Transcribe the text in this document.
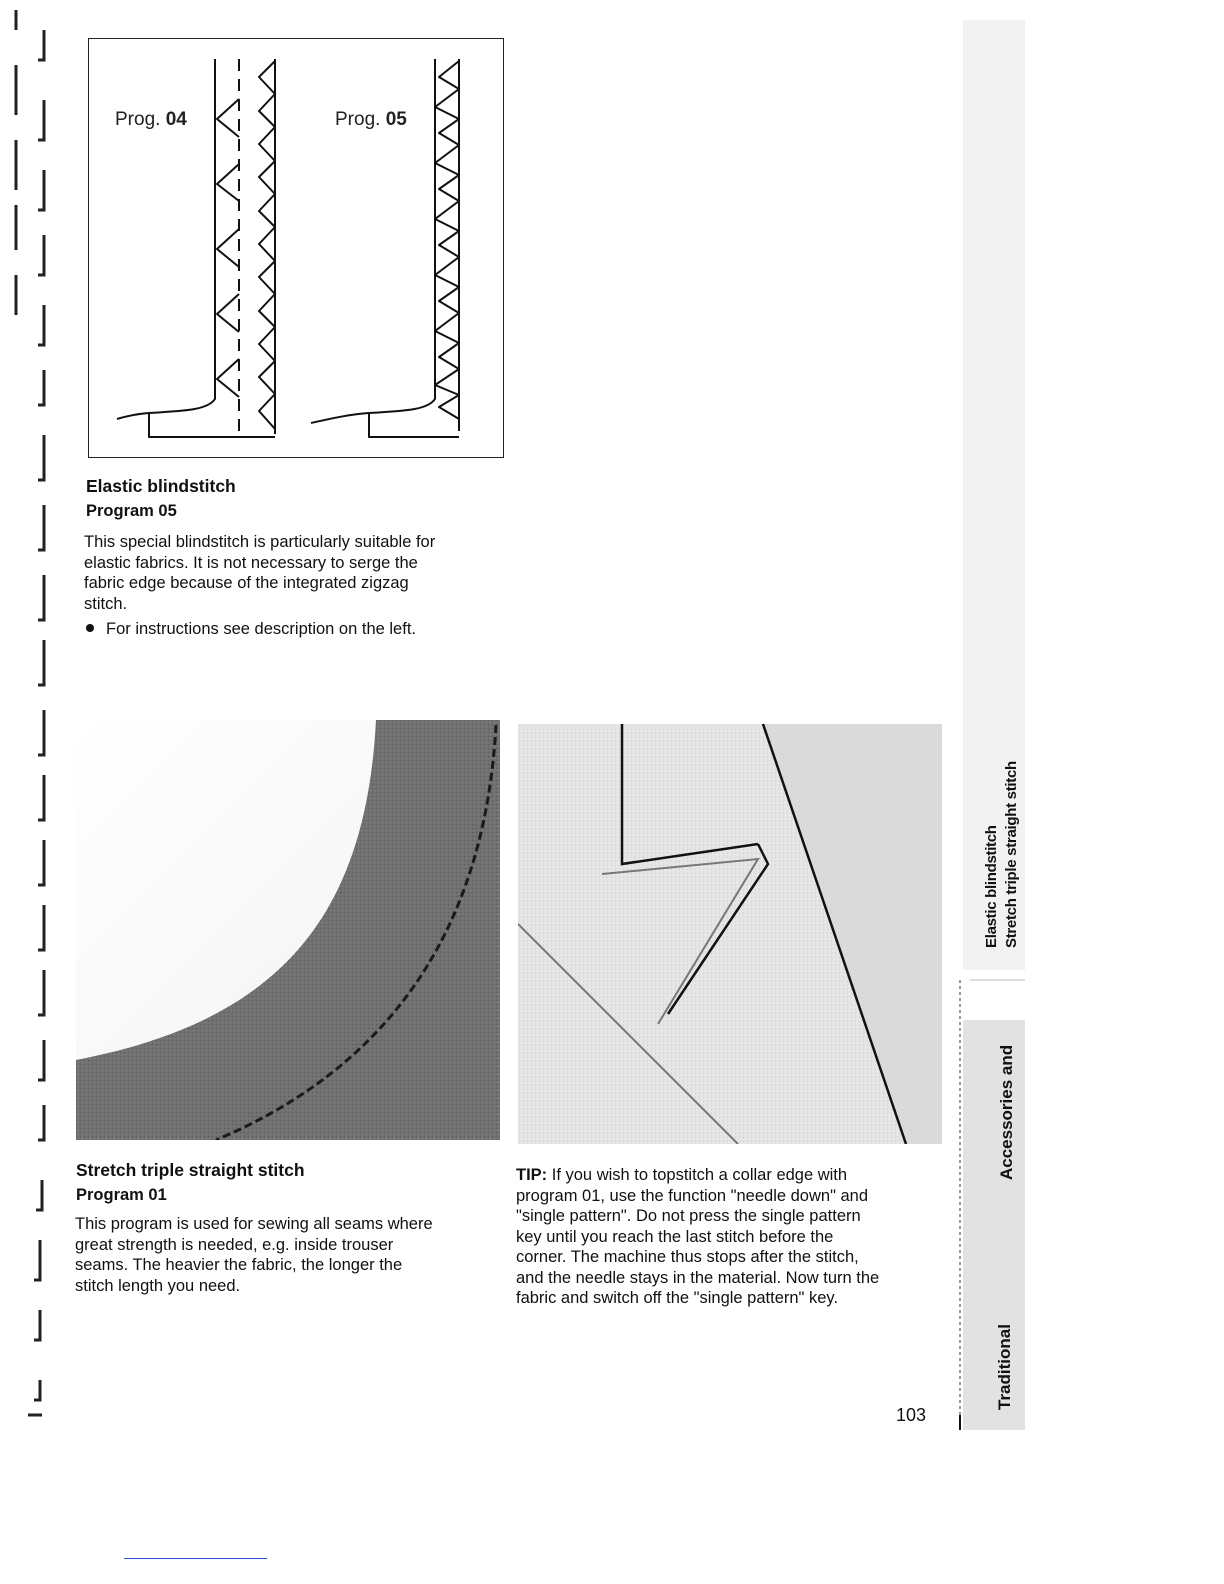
Prog. 04	Prog. 05
Elastic blindstitch
Program 05
This special blindstitch is particularly suitable for
elastic fabrics. It is not necessary to serge the
fabric edge because of the integrated zigzag
stitch.
For instructions see description on the left.
Stretch triple straight stitch
Program 01
This program is used for sewing all seams where
great strength is needed, e.g. inside trouser
seams. The heavier the fabric, the longer the
stitch length you need.
TIP: If you wish to topstitch a collar edge with
program 01, use the function "needle down" and
"single pattern". Do not press the single pattern
key until you reach the last stitch before the
corner. The machine thus stops after the stitch,
and the needle stays in the material. Now turn the
fabric and switch off the "single pattern" key.
103
Elastic blindstitch Stretch triple straight stitch
Accessories and
Traditional
